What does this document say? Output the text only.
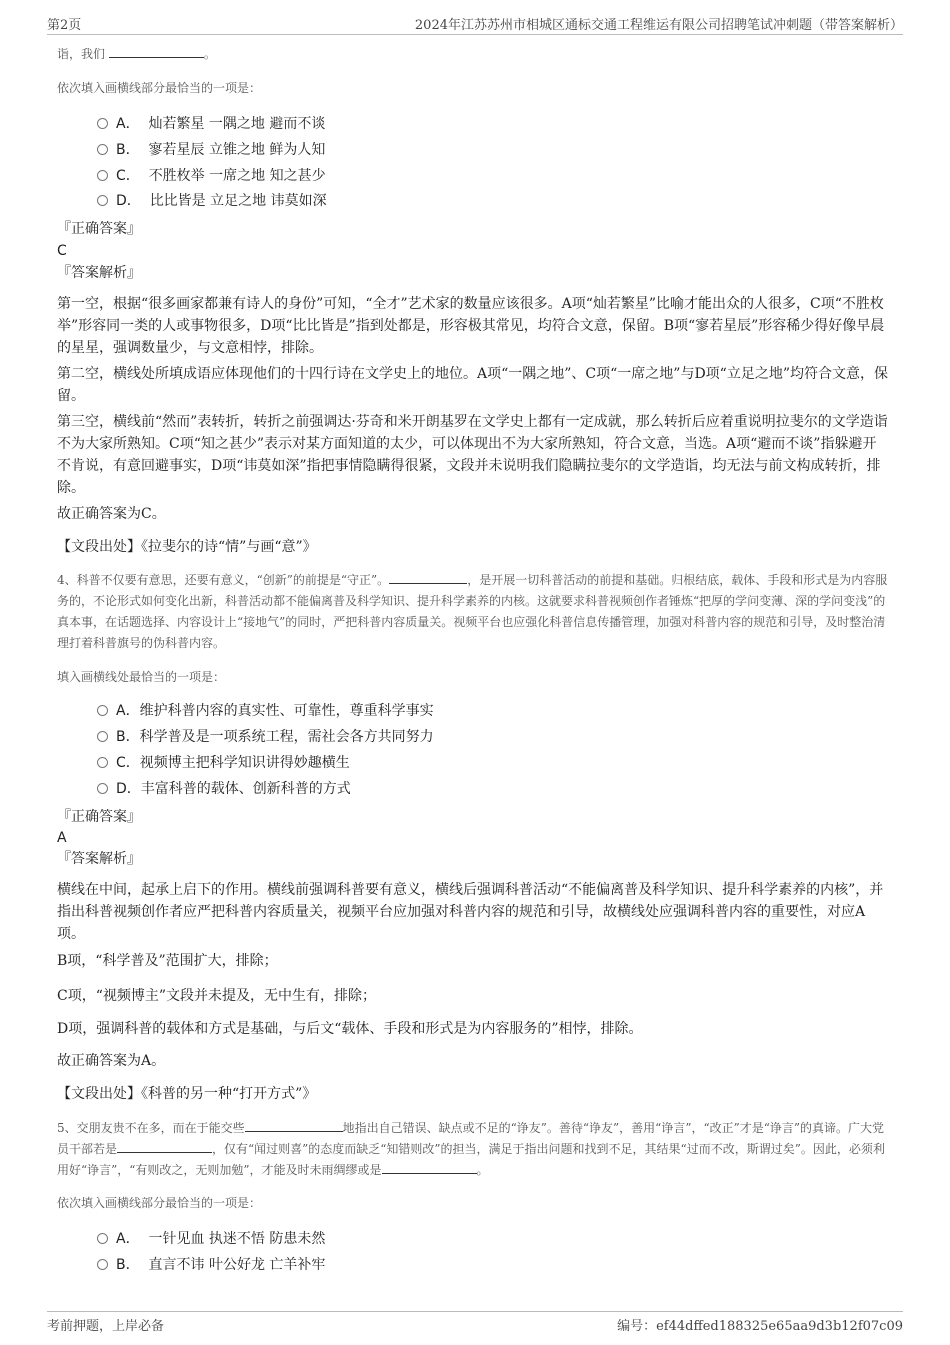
第2页	2024年江苏苏州市相城区通标交通工程维运有限公司招聘笔试冲刺题（带答案解析）
诣，我们	。
依次填入画横线部分最恰当的一项是：
A． 灿若繁星 一隅之地 避而不谈
B． 寥若星辰 立锥之地 鲜为人知
C． 不胜枚举 一席之地 知之甚少
D． 比比皆是 立足之地 讳莫如深
『正确答案』
C
『答案解析』
第一空，根据“很多画家都兼有诗人的身份”可知，“全才”艺术家的数量应该很多。A项“灿若繁星”比喻才能出众的人很多，C项“不胜枚举”形容同一类的人或事物很多，D项“比比皆是”指到处都是，形容极其常见，均符合文意，保留。B项“寥若星辰”形容稀少得好像早晨的星星，强调数量少，与文意相悖，排除。
第二空，横线处所填成语应体现他们的十四行诗在文学史上的地位。A项“一隅之地”、C项“一席之地”与D项“立足之地”均符合文意，保留。
第三空，横线前“然而”表转折，转折之前强调达·芬奇和米开朗基罗在文学史上都有一定成就，那么转折后应着重说明拉斐尔的文学造诣不为大家所熟知。C项“知之甚少”表示对某方面知道的太少，可以体现出不为大家所熟知，符合文意，当选。A项“避而不谈”指躲避开不肯说，有意回避事实，D项“讳莫如深”指把事情隐瞒得很紧，文段并未说明我们隐瞒拉斐尔的文学造诣，均无法与前文构成转折，排除。
故正确答案为C。
【文段出处】《拉斐尔的诗“情”与画“意”》
4、科普不仅要有意思，还要有意义，“创新”的前提是“守正”。	，是开展一切科普活动的前提和基础。归根结底，载体、手段和形式是为内容服务的，不论形式如何变化出新，科普活动都不能偏离普及科学知识、提升科学素养的内核。这就要求科普视频创作者锤炼“把厚的学问变薄、深的学问变浅”的真本事，在话题选择、内容设计上“接地气”的同时，严把科普内容质量关。视频平台也应强化科普信息传播管理，加强对科普内容的规范和引导，及时整治清理打着科普旗号的伪科普内容。
填入画横线处最恰当的一项是：
A．维护科普内容的真实性、可靠性，尊重科学事实
B．科学普及是一项系统工程，需社会各方共同努力
C．视频博主把科学知识讲得妙趣横生
D．丰富科普的载体、创新科普的方式
『正确答案』
A
『答案解析』
横线在中间，起承上启下的作用。横线前强调科普要有意义，横线后强调科普活动“不能偏离普及科学知识、提升科学素养的内核”，并指出科普视频创作者应严把科普内容质量关，视频平台应加强对科普内容的规范和引导，故横线处应强调科普内容的重要性，对应A项。
B项，“科学普及”范围扩大，排除；
C项，“视频博主”文段并未提及，无中生有，排除；
D项，强调科普的载体和方式是基础，与后文“载体、手段和形式是为内容服务的”相悖，排除。
故正确答案为A。
【文段出处】《科普的另一种“打开方式”》
5、交朋友贵不在多，而在于能交些	地指出自己错误、缺点或不足的“诤友”。善待“诤友”，善用“诤言”，“改正”才是“诤言”的真谛。广大党员干部若是	，仅有“闻过则喜”的态度而缺乏“知错则改”的担当，满足于指出问题和找到不足，其结果“过而不改，斯谓过矣”。因此，必须利用好“诤言”，“有则改之，无则加勉”，才能及时未雨绸缪或是	。
依次填入画横线部分最恰当的一项是：
A． 一针见血 执迷不悟 防患未然
B． 直言不讳 叶公好龙 亡羊补牢
考前押题，上岸必备	编号：ef44dffed188325e65aa9d3b12f07c09
